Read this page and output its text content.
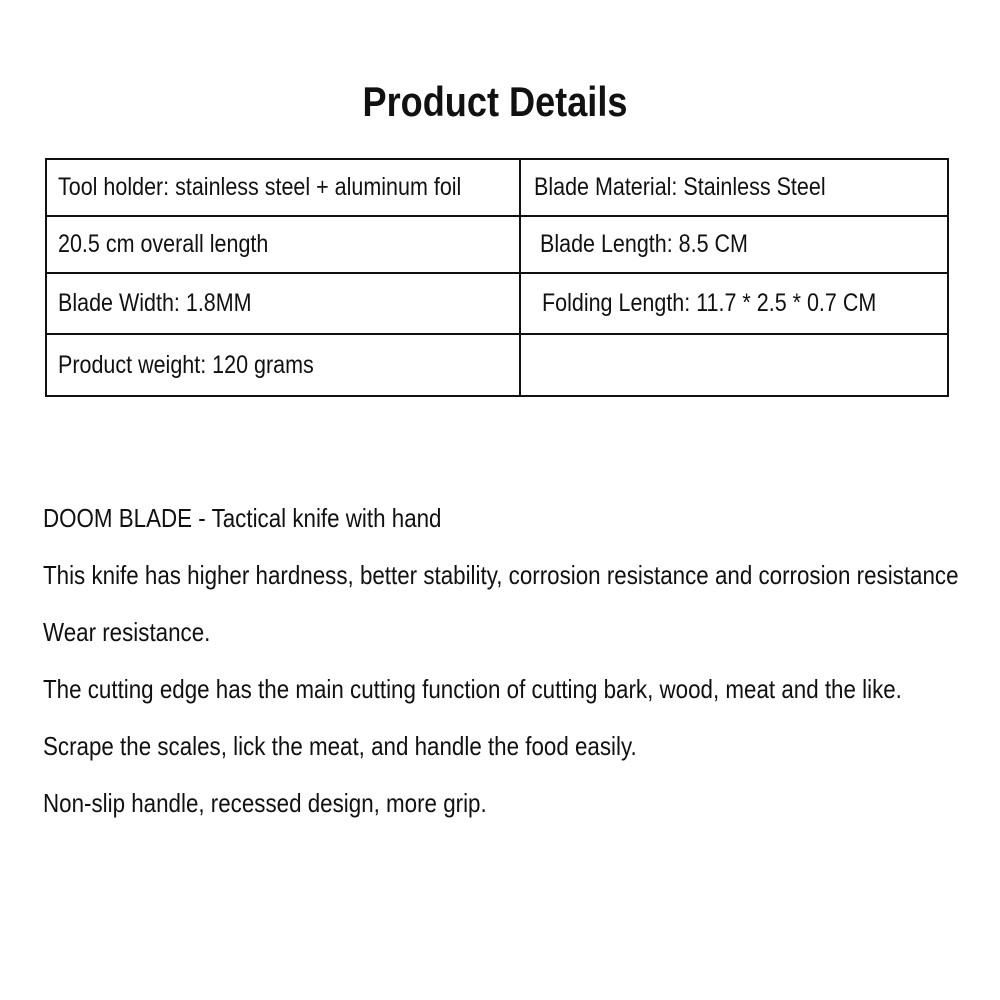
Product Details
Tool holder: stainless steel + aluminum foil	Blade Material: Stainless Steel
20.5 cm overall length	Blade Length: 8.5 CM
Blade Width: 1.8MM	Folding Length: 11.7 * 2.5 * 0.7 CM
Product weight: 120 grams	
DOOM BLADE - Tactical knife with hand
This knife has higher hardness, better stability, corrosion resistance and corrosion resistance
Wear resistance.
The cutting edge has the main cutting function of cutting bark, wood, meat and the like.
Scrape the scales, lick the meat, and handle the food easily.
Non-slip handle, recessed design, more grip.
